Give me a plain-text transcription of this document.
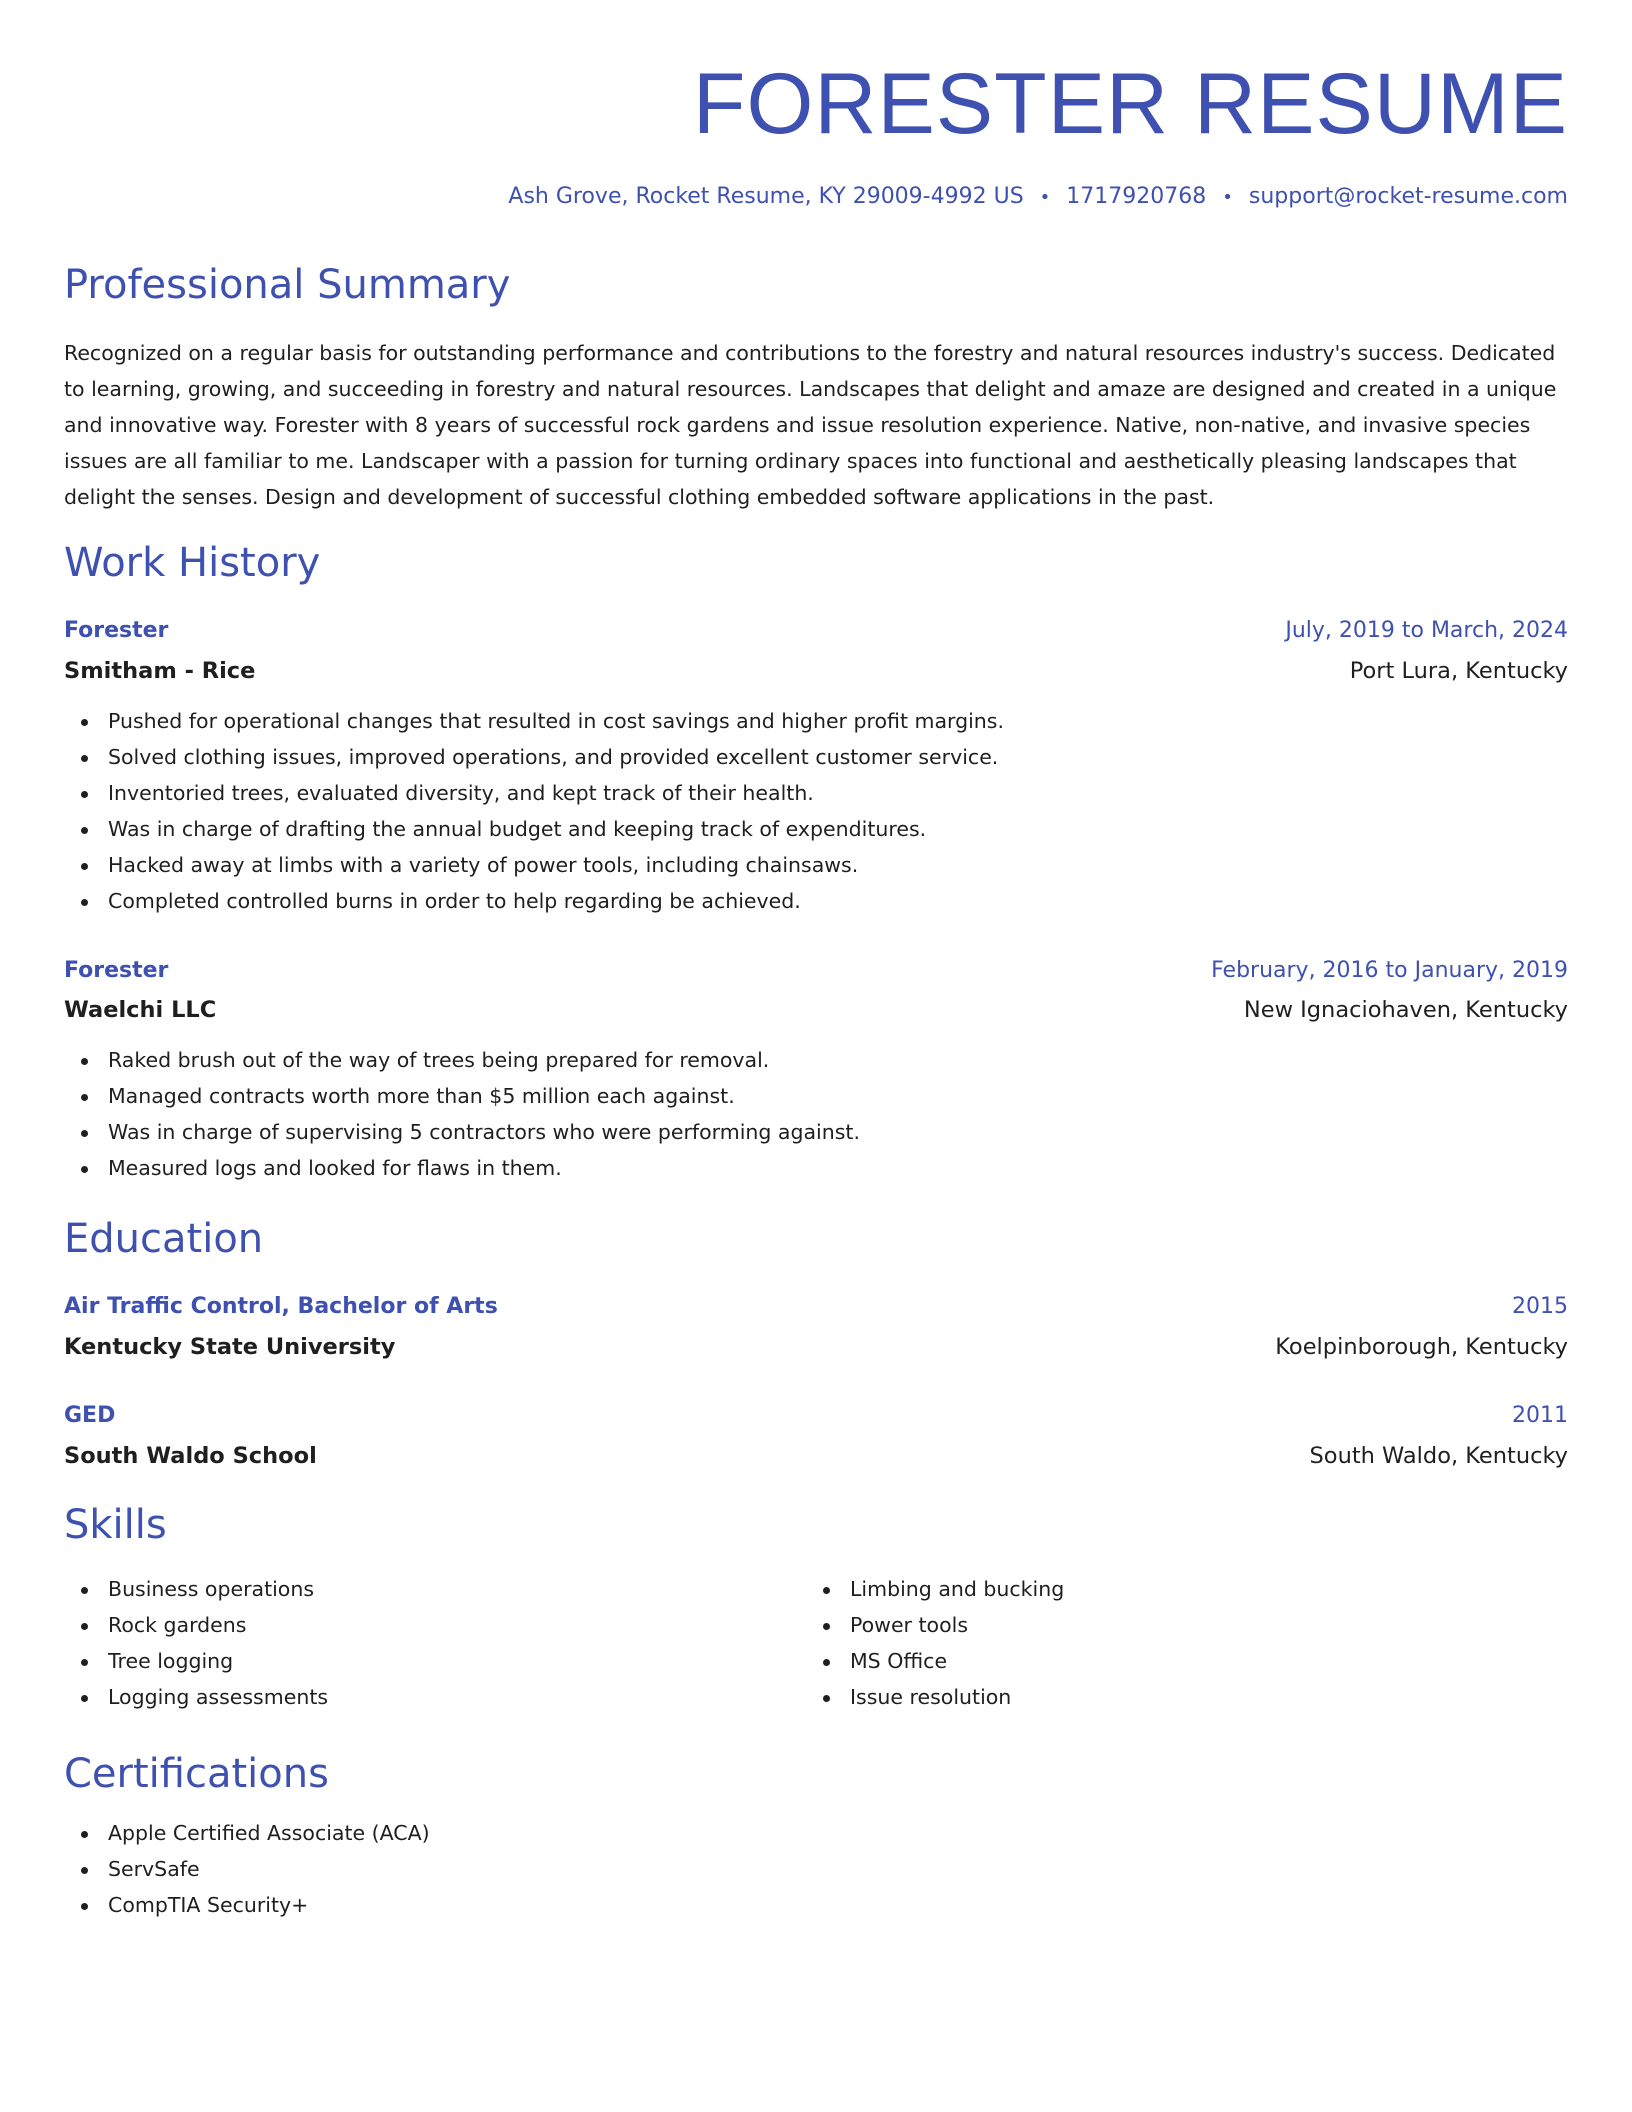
FORESTER RESUME
Ash Grove, Rocket Resume, KY 29009-4992 US • 1717920768 • support@rocket-resume.com
Professional Summary

Recognized on a regular basis for outstanding performance and contributions to the forestry and natural resources industry's success. Dedicated to learning, growing, and succeeding in forestry and natural resources. Landscapes that delight and amaze are designed and created in a unique and innovative way. Forester with 8 years of successful rock gardens and issue resolution experience. Native, non-native, and invasive species issues are all familiar to me. Landscaper with a passion for turning ordinary spaces into functional and aesthetically pleasing landscapes that delight the senses. Design and development of successful clothing embedded software applications in the past.

Work History
Forester	July, 2019 to March, 2024
Smitham - Rice	Port Lura, Kentucky
Pushed for operational changes that resulted in cost savings and higher profit margins.
Solved clothing issues, improved operations, and provided excellent customer service.
Inventoried trees, evaluated diversity, and kept track of their health.
Was in charge of drafting the annual budget and keeping track of expenditures.
Hacked away at limbs with a variety of power tools, including chainsaws.
Completed controlled burns in order to help regarding be achieved.
Forester	February, 2016 to January, 2019
Waelchi LLC	New Ignaciohaven, Kentucky
Raked brush out of the way of trees being prepared for removal.
Managed contracts worth more than $5 million each against.
Was in charge of supervising 5 contractors who were performing against.
Measured logs and looked for flaws in them.
Education
Air Traffic Control, Bachelor of Arts	2015
Kentucky State University	Koelpinborough, Kentucky
GED	2011
South Waldo School	South Waldo, Kentucky
Skills
Business operations
Rock gardens
Tree logging
Logging assessments
Limbing and bucking
Power tools
MS Office
Issue resolution
Certifications
Apple Certified Associate (ACA)
ServSafe
CompTIA Security+
